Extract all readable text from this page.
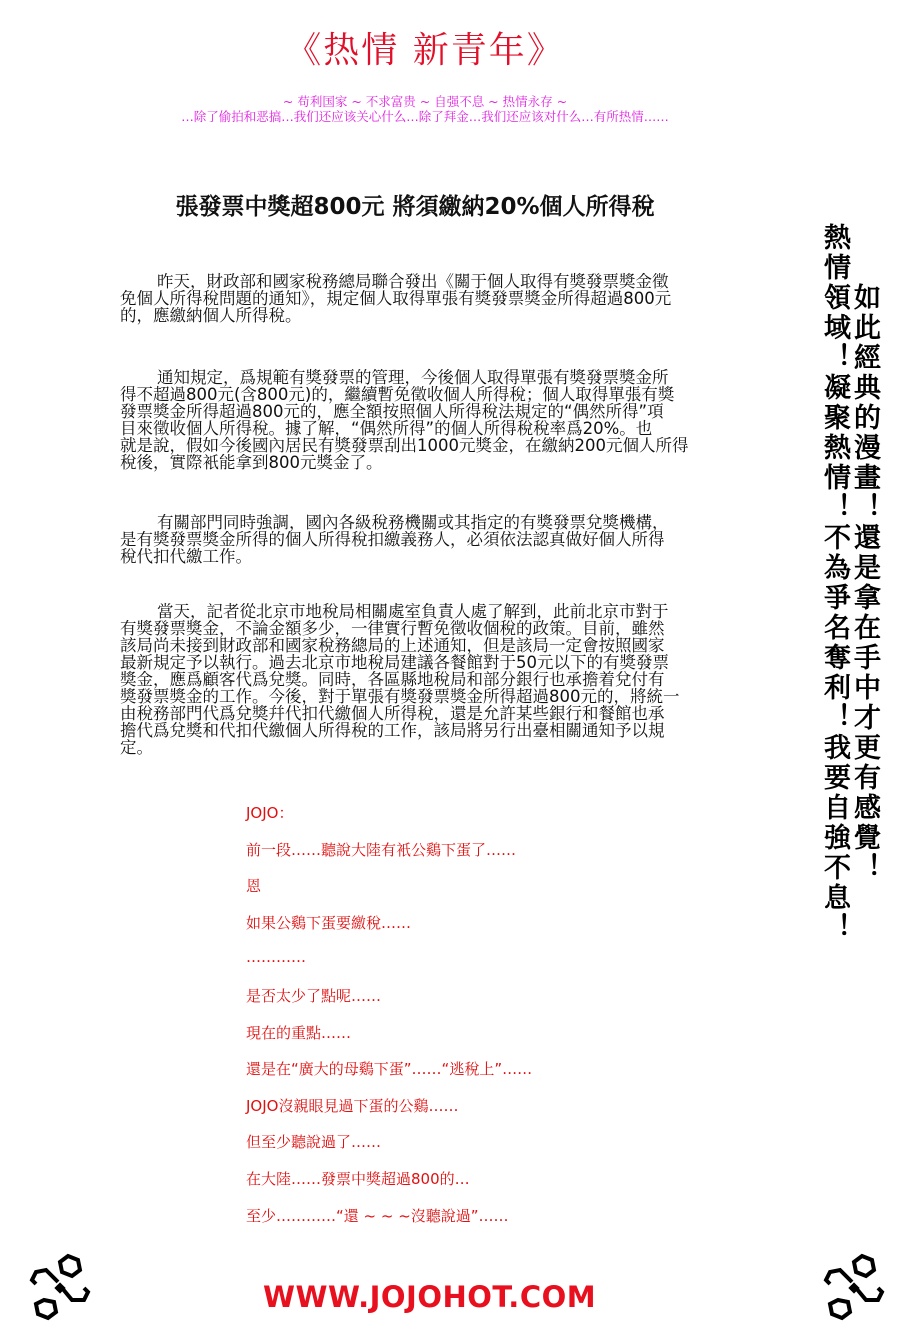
《热情 新青年》
~ 苟利国家 ~ 不求富贵 ~ 自强不息 ~ 热情永存 ~
…除了偷拍和恶搞…我们还应该关心什么…除了拜金…我们还应该对什么…有所热情……
張發票中獎超800元 將須繳納20%個人所得稅
昨天，財政部和國家稅務總局聯合發出《關于個人取得有獎發票獎金徵
免個人所得稅問題的通知》，規定個人取得單張有獎發票獎金所得超過800元
的，應繳納個人所得稅。
通知規定，爲規範有獎發票的管理，今後個人取得單張有獎發票獎金所
得不超過800元(含800元)的，繼續暫免徵收個人所得稅；個人取得單張有獎
發票獎金所得超過800元的，應全額按照個人所得稅法規定的“偶然所得”項
目來徵收個人所得稅。據了解，“偶然所得”的個人所得稅稅率爲20%。也
就是說，假如今後國內居民有獎發票刮出1000元獎金，在繳納200元個人所得
稅後，實際衹能拿到800元獎金了。
有關部門同時強調，國內各級稅務機關或其指定的有獎發票兌獎機構，
是有獎發票獎金所得的個人所得稅扣繳義務人，必須依法認真做好個人所得
稅代扣代繳工作。
當天，記者從北京市地稅局相關處室負責人處了解到，此前北京市對于
有獎發票獎金，不論金額多少，一律實行暫免徵收個稅的政策。目前，雖然
該局尚未接到財政部和國家稅務總局的上述通知，但是該局一定會按照國家
最新規定予以執行。過去北京市地稅局建議各餐館對于50元以下的有獎發票
獎金，應爲顧客代爲兌獎。同時，各區縣地稅局和部分銀行也承擔着兌付有
獎發票獎金的工作。今後，對于單張有獎發票獎金所得超過800元的，將統一
由稅務部門代爲兌獎幷代扣代繳個人所得稅，還是允許某些銀行和餐館也承
擔代爲兌獎和代扣代繳個人所得稅的工作，該局將另行出臺相關通知予以規
定。
JOJO：
前一段……聽說大陸有衹公鷄下蛋了……
恩
如果公鷄下蛋要繳稅……
…………
是否太少了點呢……
現在的重點……
還是在“廣大的母鷄下蛋”……“逃稅上”……
JOJO沒親眼見過下蛋的公鷄……
但至少聽說過了……
在大陸……發票中獎超過800的…
至少…………“還 ~ ~ ~沒聽說過”……
如此經典的漫畫！還是拿在手中才更有感覺！
熱情領域！凝聚熱情！不為爭名奪利！我要自強不息！
WWW.JOJOHOT.COM
